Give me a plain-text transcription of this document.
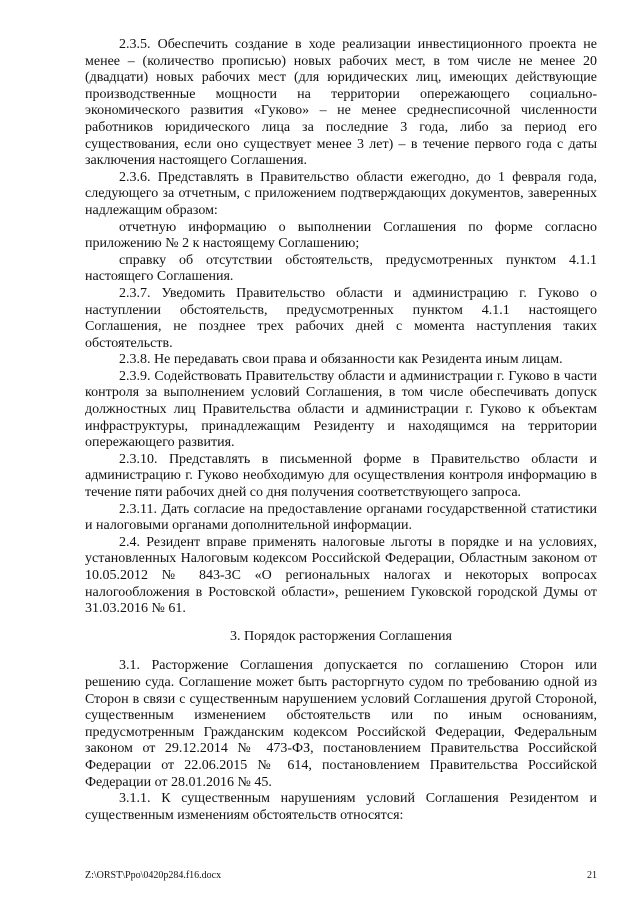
2.3.5. Обеспечить создание в ходе реализации инвестиционного проекта не менее – (количество прописью) новых рабочих мест, в том числе не менее 20 (двадцати) новых рабочих мест (для юридических лиц, имеющих действующие производственные мощности на территории опережающего социально-экономического развития «Гуково» – не менее среднесписочной численности работников юридического лица за последние 3 года, либо за период его существования, если оно существует менее 3 лет) – в течение первого года с даты заключения настоящего Соглашения.

2.3.6. Представлять в Правительство области ежегодно, до 1 февраля года, следующего за отчетным, с приложением подтверждающих документов, заверенных надлежащим образом:

отчетную информацию о выполнении Соглашения по форме согласно приложению № 2 к настоящему Соглашению;

справку об отсутствии обстоятельств, предусмотренных пунктом 4.1.1 настоящего Соглашения.

2.3.7. Уведомить Правительство области и администрацию г. Гуково о наступлении обстоятельств, предусмотренных пунктом 4.1.1 настоящего Соглашения, не позднее трех рабочих дней с момента наступления таких обстоятельств.

2.3.8. Не передавать свои права и обязанности как Резидента иным лицам.

2.3.9. Содействовать Правительству области и администрации г. Гуково в части контроля за выполнением условий Соглашения, в том числе обеспечивать допуск должностных лиц Правительства области и администрации г. Гуково к объектам инфраструктуры, принадлежащим Резиденту и находящимся на территории опережающего развития.

2.3.10. Представлять в письменной форме в Правительство области и администрацию г. Гуково необходимую для осуществления контроля информацию в течение пяти рабочих дней со дня получения соответствующего запроса.

2.3.11. Дать согласие на предоставление органами государственной статистики и налоговыми органами дополнительной информации.

2.4. Резидент вправе применять налоговые льготы в порядке и на условиях, установленных Налоговым кодексом Российской Федерации, Областным законом от 10.05.2012 № 843-ЗС «О региональных налогах и некоторых вопросах налогообложения в Ростовской области», решением Гуковской городской Думы от 31.03.2016 № 61.

3. Порядок расторжения Соглашения

3.1. Расторжение Соглашения допускается по соглашению Сторон или решению суда. Соглашение может быть расторгнуто судом по требованию одной из Сторон в связи с существенным нарушением условий Соглашения другой Стороной, существенным изменением обстоятельств или по иным основаниям, предусмотренным Гражданским кодексом Российской Федерации, Федеральным законом от 29.12.2014 № 473-ФЗ, постановлением Правительства Российской Федерации от 22.06.2015 № 614, постановлением Правительства Российской Федерации от 28.01.2016 № 45.

3.1.1. К существенным нарушениям условий Соглашения Резидентом и существенным изменениям обстоятельств относятся:

Z:\ORST\Ppo\0420p284.f16.docx	21
